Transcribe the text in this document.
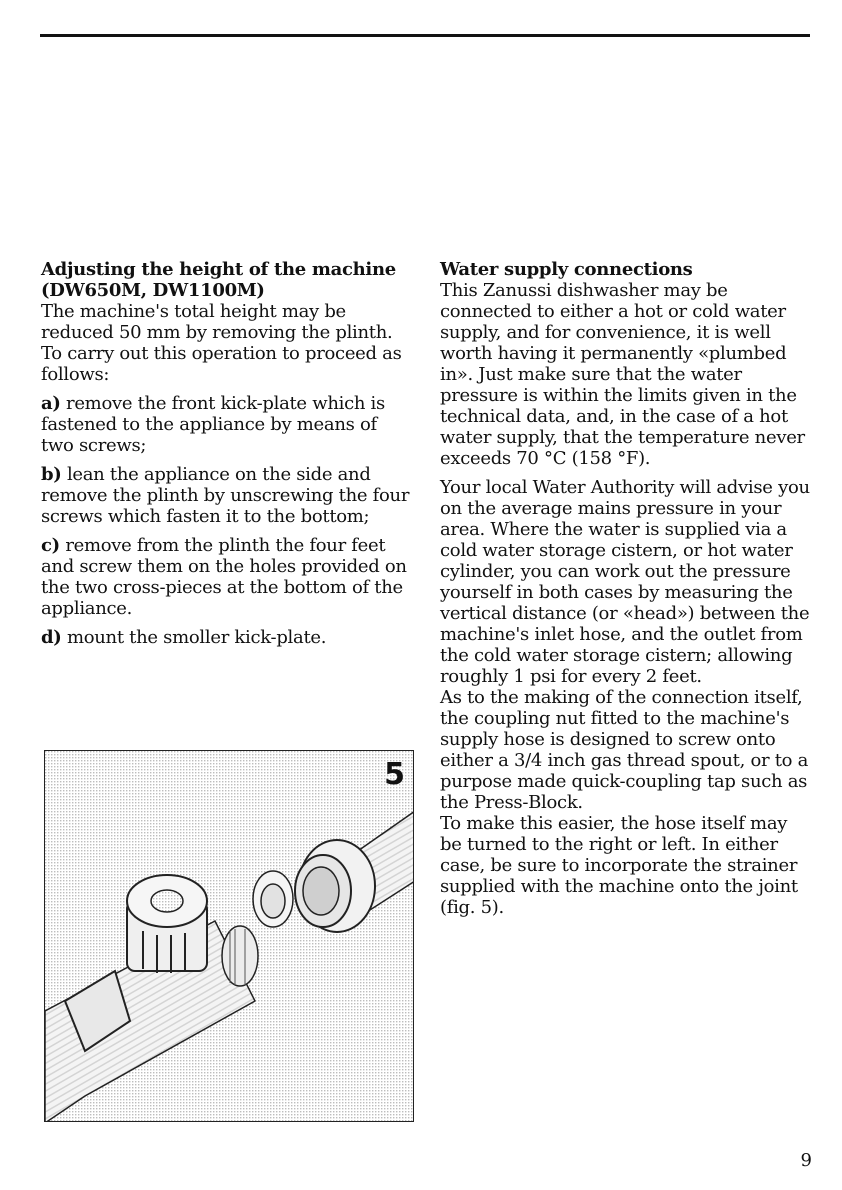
Adjusting the height of the machine
(DW650M, DW1100M)

The machine's total height may be reduced 50 mm by removing the plinth. To carry out this operation to proceed as follows:

a) remove the front kick-plate which is fastened to the appliance by means of two screws;

b) lean the appliance on the side and remove the plinth by unscrewing the four screws which fasten it to the bottom;

c) remove from the plinth the four feet and screw them on the holes provided on the two cross-pieces at the bottom of the appliance.

d) mount the smoller kick-plate.

5
Water supply connections

This Zanussi dishwasher may be connected to either a hot or cold water supply, and for convenience, it is well worth having it permanently «plumbed in». Just make sure that the water pressure is within the limits given in the technical data, and, in the case of a hot water supply, that the temperature never exceeds 70 °C (158 °F).

Your local Water Authority will advise you on the average mains pressure in your area. Where the water is supplied via a cold water storage cistern, or hot water cylinder, you can work out the pressure yourself in both cases by measuring the vertical distance (or «head») between the machine's inlet hose, and the outlet from the cold water storage cistern; allowing roughly 1 psi for every 2 feet.

As to the making of the connection itself, the coupling nut fitted to the machine's supply hose is designed to screw onto either a 3/4 inch gas thread spout, or to a purpose made quick-coupling tap such as the Press-Block.

To make this easier, the hose itself may be turned to the right or left. In either case, be sure to incorporate the strainer supplied with the machine onto the joint (fig. 5).

9
